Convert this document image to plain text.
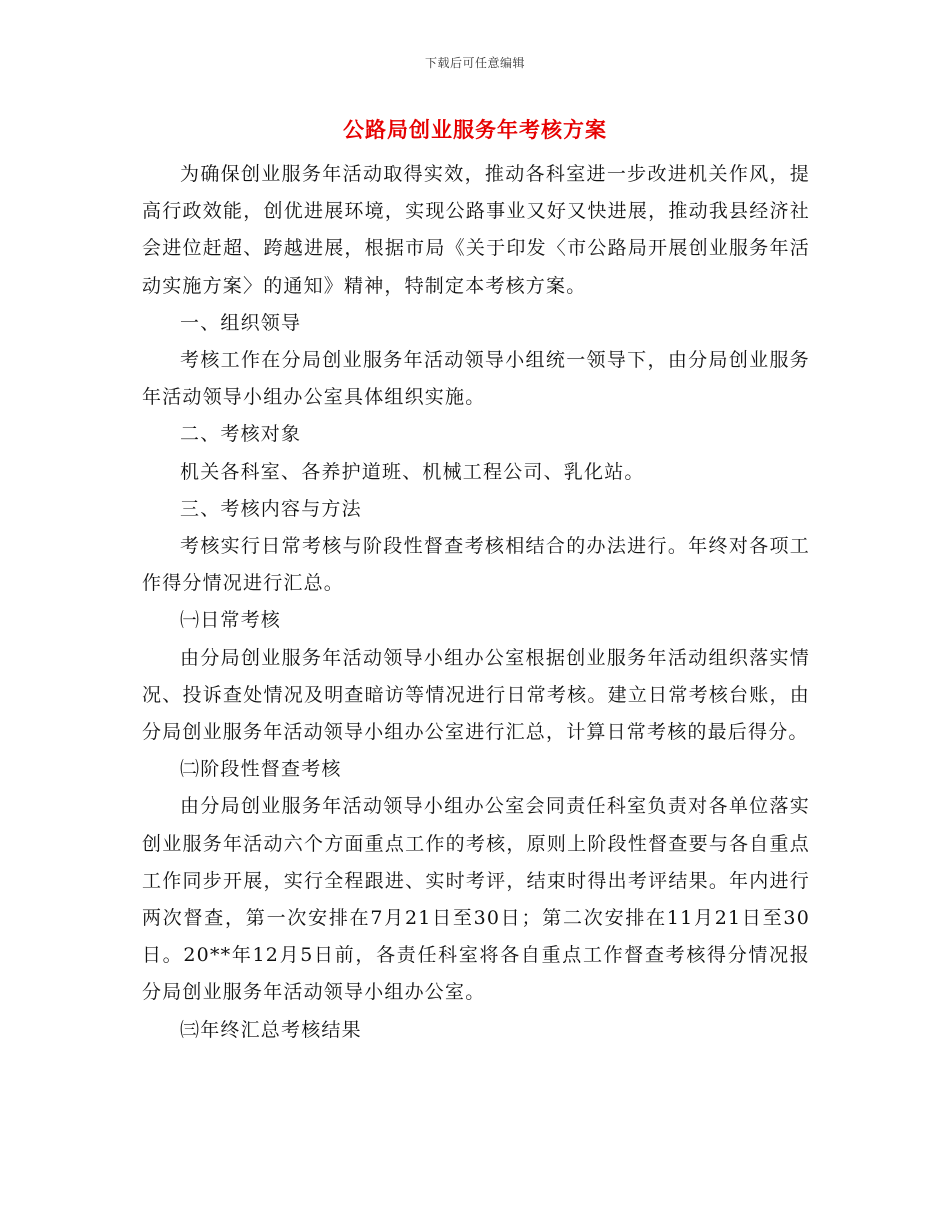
下载后可任意编辑
公路局创业服务年考核方案

为确保创业服务年活动取得实效，推动各科室进一步改进机关作风，提高行政效能，创优进展环境，实现公路事业又好又快进展，推动我县经济社会进位赶超、跨越进展，根据市局《关于印发〈市公路局开展创业服务年活动实施方案〉的通知》精神，特制定本考核方案。

一、组织领导

考核工作在分局创业服务年活动领导小组统一领导下，由分局创业服务年活动领导小组办公室具体组织实施。

二、考核对象

机关各科室、各养护道班、机械工程公司、乳化站。

三、考核内容与方法

考核实行日常考核与阶段性督查考核相结合的办法进行。年终对各项工作得分情况进行汇总。

㈠日常考核

由分局创业服务年活动领导小组办公室根据创业服务年活动组织落实情况、投诉查处情况及明查暗访等情况进行日常考核。建立日常考核台账，由分局创业服务年活动领导小组办公室进行汇总，计算日常考核的最后得分。

㈡阶段性督查考核

由分局创业服务年活动领导小组办公室会同责任科室负责对各单位落实创业服务年活动六个方面重点工作的考核，原则上阶段性督查要与各自重点工作同步开展，实行全程跟进、实时考评，结束时得出考评结果。年内进行两次督查，第一次安排在7月21日至30日；第二次安排在11月21日至30日。20**年12月5日前，各责任科室将各自重点工作督查考核得分情况报分局创业服务年活动领导小组办公室。

㈢年终汇总考核结果
